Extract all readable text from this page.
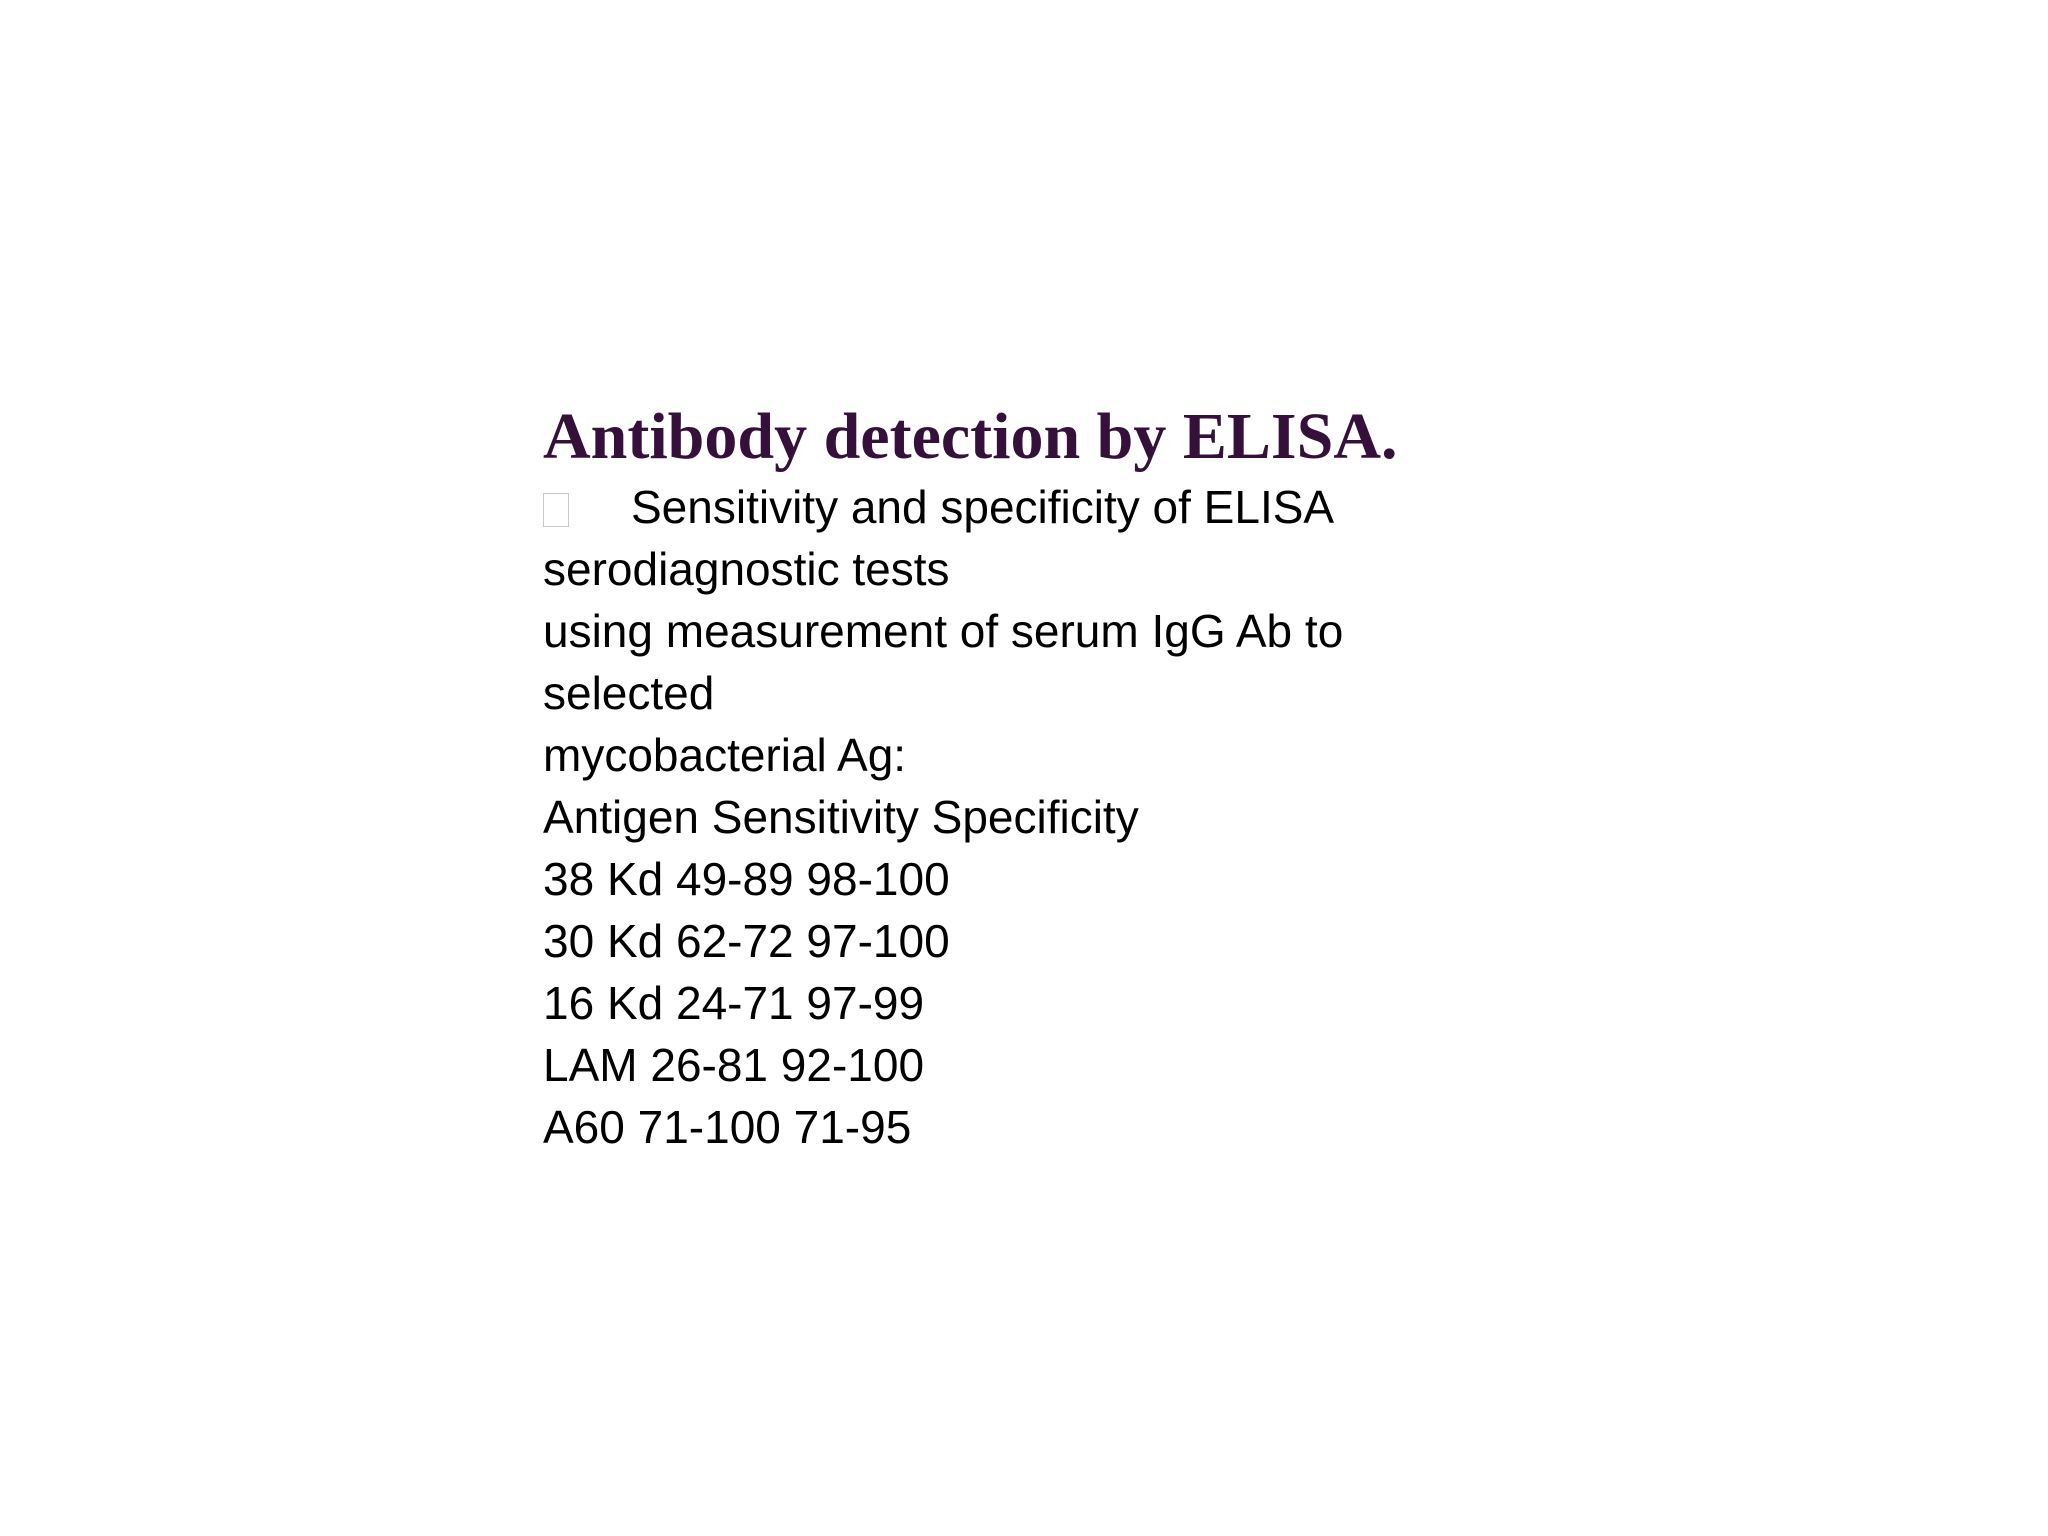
Antibody detection by ELISA.
Sensitivity and specificity of ELISA
serodiagnostic tests
using measurement of serum IgG Ab to
selected
mycobacterial Ag:
Antigen Sensitivity Specificity
38 Kd 49-89 98-100
30 Kd 62-72 97-100
16 Kd 24-71 97-99
LAM 26-81 92-100
A60 71-100 71-95
